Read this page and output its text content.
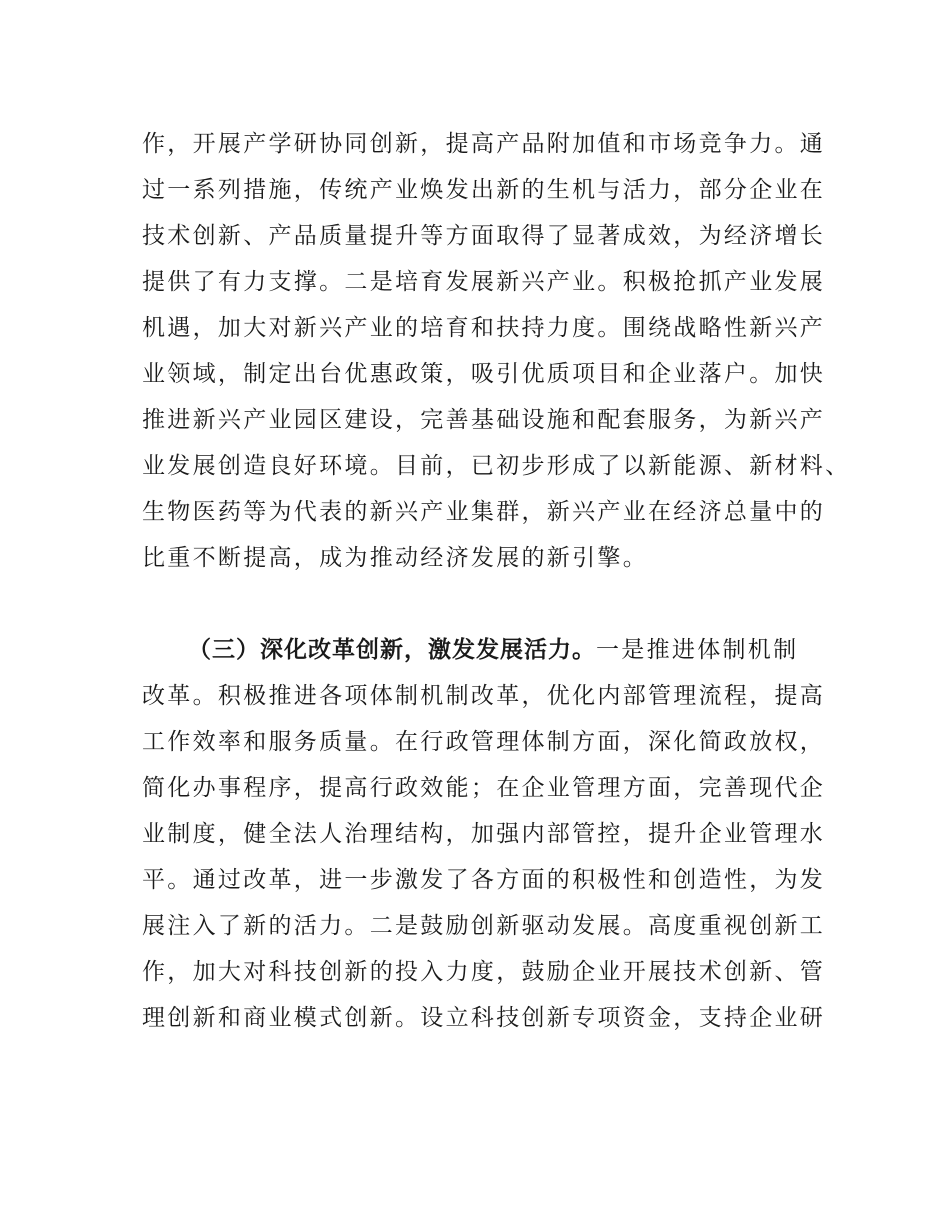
作，开展产学研协同创新，提高产品附加值和市场竞争力。通
过一系列措施，传统产业焕发出新的生机与活力，部分企业在
技术创新、产品质量提升等方面取得了显著成效，为经济增长
提供了有力支撑。二是培育发展新兴产业。积极抢抓产业发展
机遇，加大对新兴产业的培育和扶持力度。围绕战略性新兴产
业领域，制定出台优惠政策，吸引优质项目和企业落户。加快
推进新兴产业园区建设，完善基础设施和配套服务，为新兴产
业发展创造良好环境。目前，已初步形成了以新能源、新材料、
生物医药等为代表的新兴产业集群，新兴产业在经济总量中的
比重不断提高，成为推动经济发展的新引擎。
（三）深化改革创新，激发发展活力。一是推进体制机制
改革。积极推进各项体制机制改革，优化内部管理流程，提高
工作效率和服务质量。在行政管理体制方面，深化简政放权，
简化办事程序，提高行政效能；在企业管理方面，完善现代企
业制度，健全法人治理结构，加强内部管控，提升企业管理水
平。通过改革，进一步激发了各方面的积极性和创造性，为发
展注入了新的活力。二是鼓励创新驱动发展。高度重视创新工
作，加大对科技创新的投入力度，鼓励企业开展技术创新、管
理创新和商业模式创新。设立科技创新专项资金，支持企业研
